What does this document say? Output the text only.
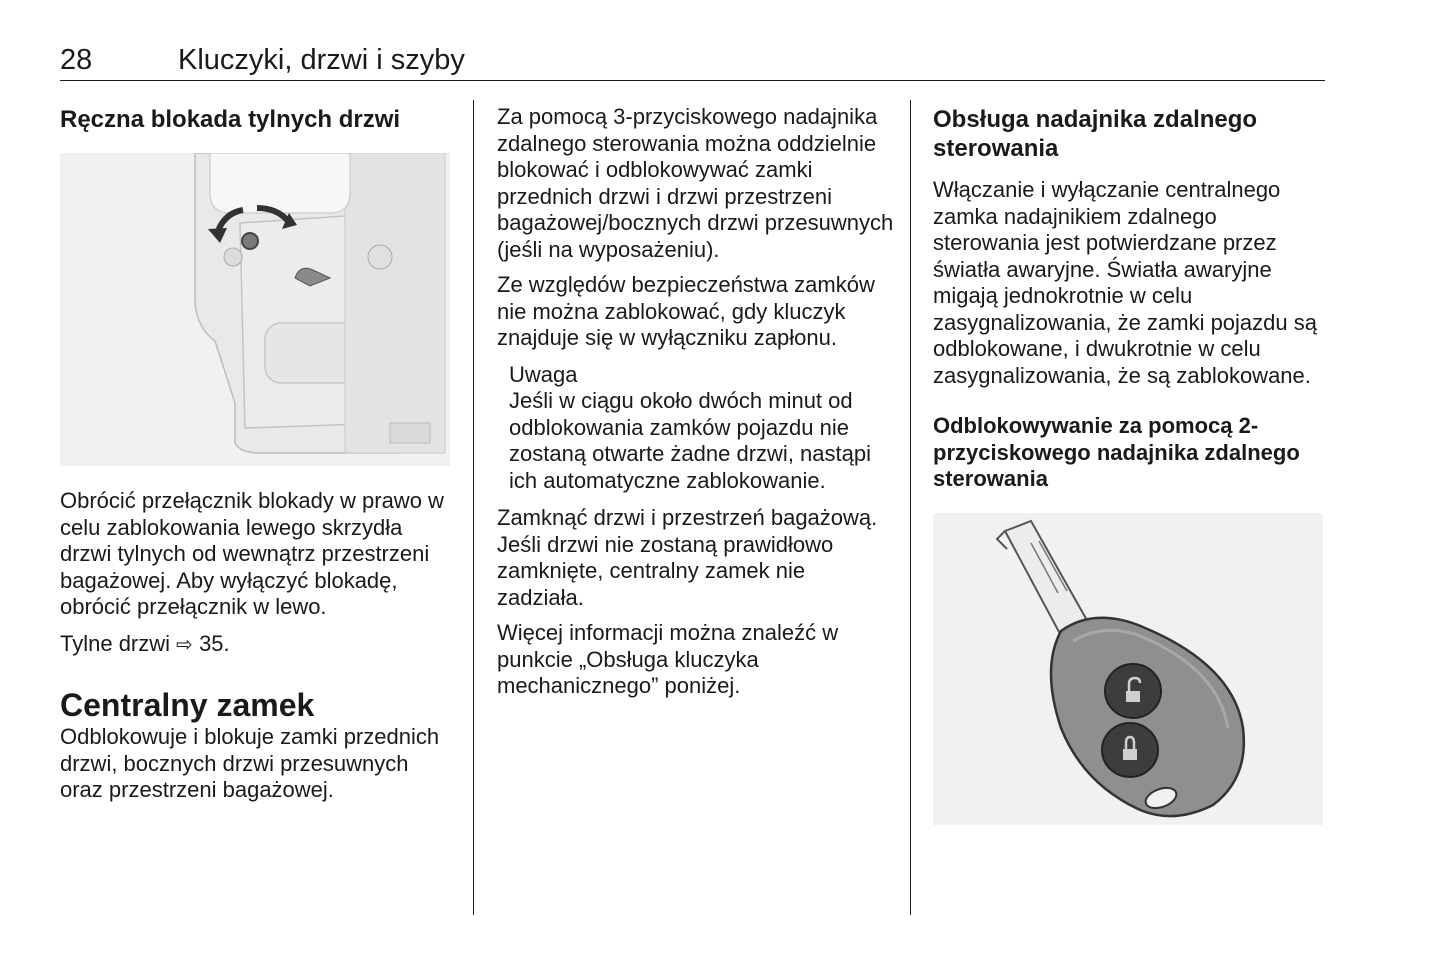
28	Kluczyki, drzwi i szyby
Ręczna blokada tylnych drzwi

Obrócić przełącznik blokady w prawo w celu zablokowania lewego skrzydła drzwi tylnych od wewnątrz przestrzeni bagażowej. Aby wyłączyć blokadę, obrócić przełącznik w lewo.

Tylne drzwi ⇨ 35.

Centralny zamek

Odblokowuje i blokuje zamki przednich drzwi, bocznych drzwi przesuwnych oraz przestrzeni bagażowej.

Za pomocą 3-przyciskowego nadajnika zdalnego sterowania można oddzielnie blokować i odblokowywać zamki przednich drzwi i drzwi przestrzeni bagażowej/bocznych drzwi przesuwnych (jeśli na wyposażeniu).

Ze względów bezpieczeństwa zamków nie można zablokować, gdy kluczyk znajduje się w wyłączniku zapłonu.

Uwaga

Jeśli w ciągu około dwóch minut od odblokowania zamków pojazdu nie zostaną otwarte żadne drzwi, nastąpi ich automatyczne zablokowanie.

Zamknąć drzwi i przestrzeń bagażową. Jeśli drzwi nie zostaną prawidłowo zamknięte, centralny zamek nie zadziała.

Więcej informacji można znaleźć w punkcie „Obsługa kluczyka mechanicznego” poniżej.

Obsługa nadajnika zdalnego sterowania

Włączanie i wyłączanie centralnego zamka nadajnikiem zdalnego sterowania jest potwierdzane przez światła awaryjne. Światła awaryjne migają jednokrotnie w celu zasygnalizowania, że zamki pojazdu są odblokowane, i dwukrotnie w celu zasygnalizowania, że są zablokowane.

Odblokowywanie za pomocą 2-przyciskowego nadajnika zdalnego sterowania
